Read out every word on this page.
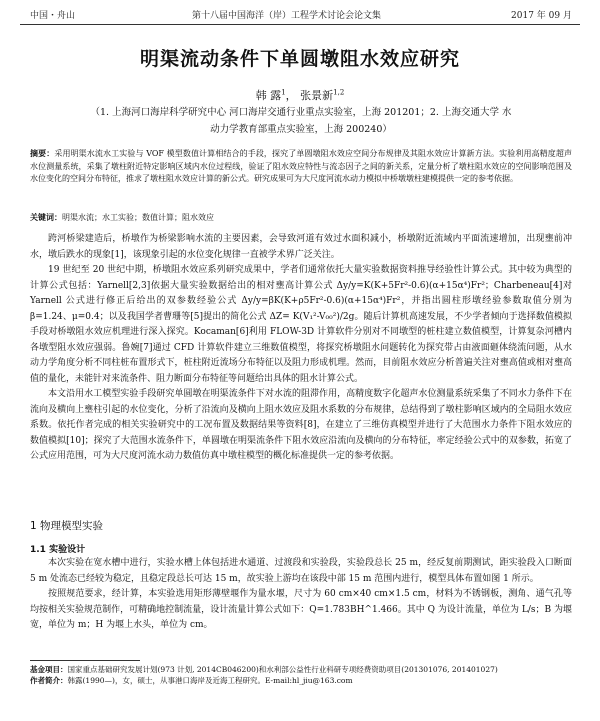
中国・舟山	第十八届中国海洋（岸）工程学术讨论会论文集	2017 年 09 月
明渠流动条件下单圆墩阻水效应研究
韩 露$^1$， 张景新$^{1,2}$
（1. 上海河口海岸科学研究中心 河口海岸交通行业重点实验室，上海 201201；2. 上海交通大学 水
动力学教育部重点实验室，上海 200240）
摘要：采用明渠水流水工实验与 VOF 模型数值计算相结合的手段，探究了单圆墩阻水效应空间分布规律及其阻水效应计算新方法。实验利用高精度超声水位测量系统，采集了墩柱附近特定影响区域内水位过程线，验证了阻水效应特性与流态因子之间的新关系，定量分析了墩柱阻水效应的空间影响范围及水位变化的空间分布特征，推求了墩柱阻水效应计算的新公式。研究成果可为大尺度河流水动力模拟中桥墩墩柱建模提供一定的参考依据。
关键词：明渠水流；水工实验；数值计算；阻水效应

跨河桥梁建造后，桥墩作为桥梁影响水流的主要因素，会导致河道有效过水面积减小，桥墩附近流域内平面流速增加，出现壅前冲水，墩后跌水的现象[1]，该现象引起的水位变化规律一直被学术界广泛关注。

19 世纪至 20 世纪中期，桥墩阻水效应系列研究成果中，学者们通常依托大量实验数据资料推导经验性计算公式。其中较为典型的计算公式包括：Yarnell[2,3]依据大量实验数据给出的相对壅高计算公式 Δy/y=K(K+5Fr²-0.6)(α+15α⁴)Fr²；Charbeneau[4]对 Yarnell 公式进行修正后给出的双参数经验公式 Δy/y=βK(K+ρ5Fr²-0.6)(α+15α⁴)Fr²，并指出圆柱形墩经验参数取值分别为 β=1.24、μ=0.4；以及我国学者曹珊等[5]提出的简化公式 ΔZ= K(V₁²-V₀₀²)/2g。随后计算机高速发展，不少学者倾向于选择数值模拟手段对桥墩阻水效应机理进行深入探究。Kocaman[6]利用 FLOW-3D 计算软件分别对不同墩型的桩柱建立数值模型，计算复杂河槽内各墩型阻水效应强弱。鲁婉[7]通过 CFD 计算软件建立三维数值模型，将探究桥墩阻水问题转化为探究带占由液面砸体绕流问题，从水动力学角度分析不同柱桩布置形式下，桩柱附近流场分布特征以及阻力形成机理。然而，目前阻水效应分析普遍关注对壅高值或相对壅高值的量化，未能针对来流条件、阻力断面分布特征等问题给出具体的阻水计算公式。

本文沿用水工模型实验手段研究单圆墩在明渠流条件下对水流的阻滞作用，高精度数字化超声水位测量系统采集了不同水力条件下在流向及横向上壅柱引起的水位变化，分析了沿流向及横向上阻水效应及阻水系数的分布规律，总结得到了墩柱影响区域内的全局阻水效应系数。依托作者完成的相关实验研究中的工况布置及数据结果等资料[8]，在建立了三维仿真模型并进行了大范围水力条件下阻水效应的数值模拟[10]；探究了大范围水流条件下，单圆墩在明渠流条件下阻水效应沿流向及横向的分布特征，率定经验公式中的双参数，拓宽了公式应用范围，可为大尺度河流水动力数值仿真中墩柱模型的概化标准提供一定的参考依据。

1 物理模型实验
1.1 实验设计

本次实验在宽水槽中进行，实验水槽上体包括进水通道、过渡段和实验段，实验段总长 25 m，经反复前期测试，距实验段入口断面 5 m 处流态已经较为稳定，且稳定段总长可达 15 m，故实验上游均在该段中部 15 m 范围内进行，模型具体布置如图 1 所示。

按照规范要求，经计算，本实验选用矩形薄壁堰作为量水堰，尺寸为 60 cm×40 cm×1.5 cm，材料为不锈钢板，测角、通气孔等均按相关实验规范制作，可精确地控制流量，设计流量计算公式如下：Q=1.783BH^1.466。其中 Q 为设计流量，单位为 L/s；B 为堰宽，单位为 m；H 为堰上水头，单位为 cm。

基金项目：国家重点基础研究发展计划(973 计划, 2014CB046200)和水利部公益性行业科研专项经费资助项目(201301076, 201401027)
作者简介：韩露(1990—)，女，硕士，从事港口海岸及近海工程研究。E-mail:hl_jiu@163.com
